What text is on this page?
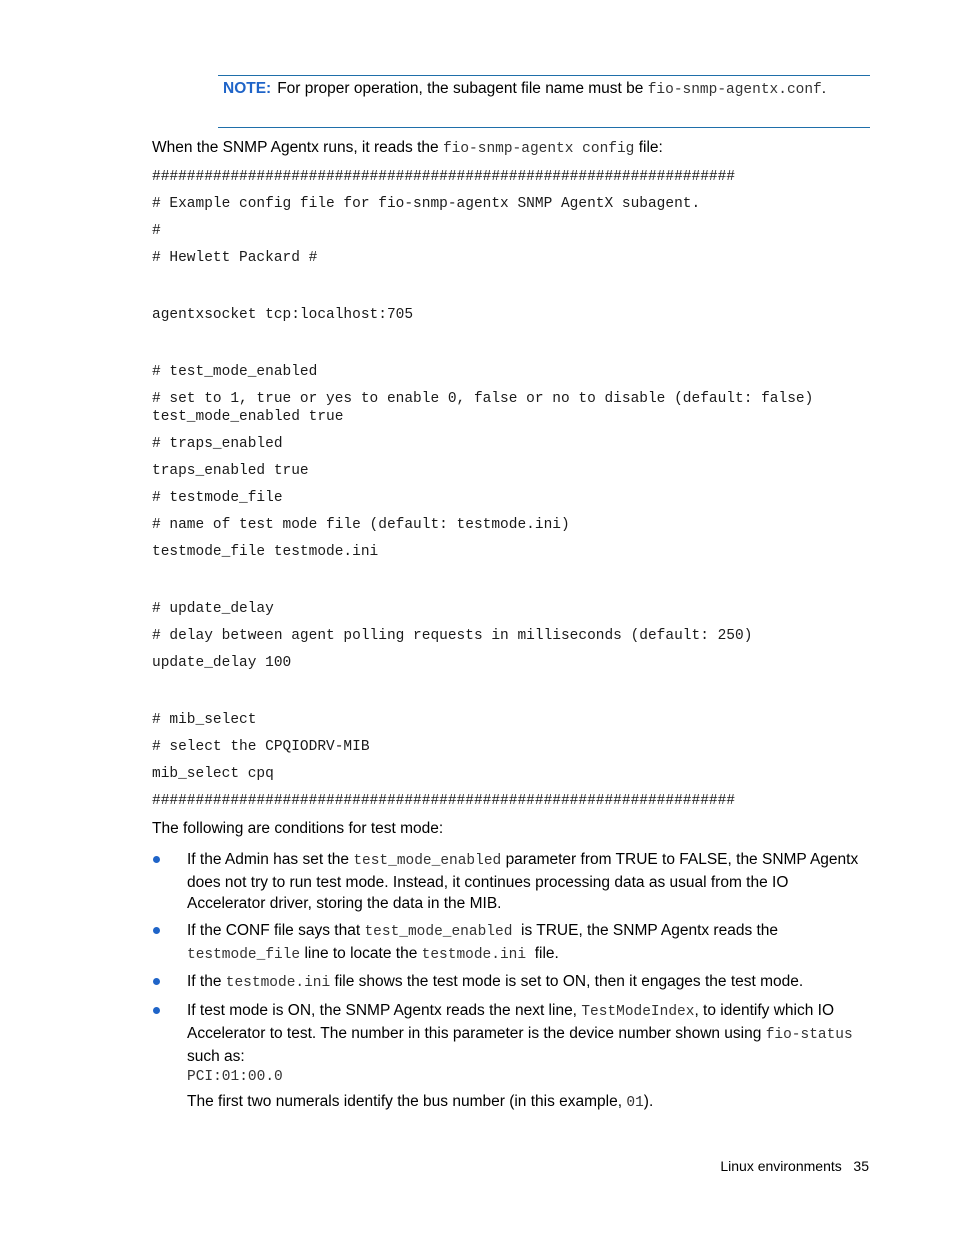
NOTE: For proper operation, the subagent file name must be fio-snmp-agentx.conf.
When the SNMP Agentx runs, it reads the fio-snmp-agentx config file:
###################################################################
# Example config file for fio-snmp-agentx SNMP AgentX subagent.
#
# Hewlett Packard #
agentxsocket tcp:localhost:705
# test_mode_enabled
# set to 1, true or yes to enable 0, false or no to disable (default: false)
test_mode_enabled true
# traps_enabled
traps_enabled true
# testmode_file
# name of test mode file (default: testmode.ini)
testmode_file testmode.ini
# update_delay
# delay between agent polling requests in milliseconds (default: 250)
update_delay 100
# mib_select
# select the CPQIODRV-MIB
mib_select cpq
###################################################################
The following are conditions for test mode:
If the Admin has set the test_mode_enabled parameter from TRUE to FALSE, the SNMP Agentx does not try to run test mode. Instead, it continues processing data as usual from the IO Accelerator driver, storing the data in the MIB.
If the CONF file says that test_mode_enabled is TRUE, the SNMP Agentx reads the testmode_file line to locate the testmode.ini file.
If the testmode.ini file shows the test mode is set to ON, then it engages the test mode.
If test mode is ON, the SNMP Agentx reads the next line, TestModeIndex, to identify which IO Accelerator to test. The number in this parameter is the device number shown using fio-status such as:
PCI:01:00.0
The first two numerals identify the bus number (in this example, 01).
Linux environments 35
